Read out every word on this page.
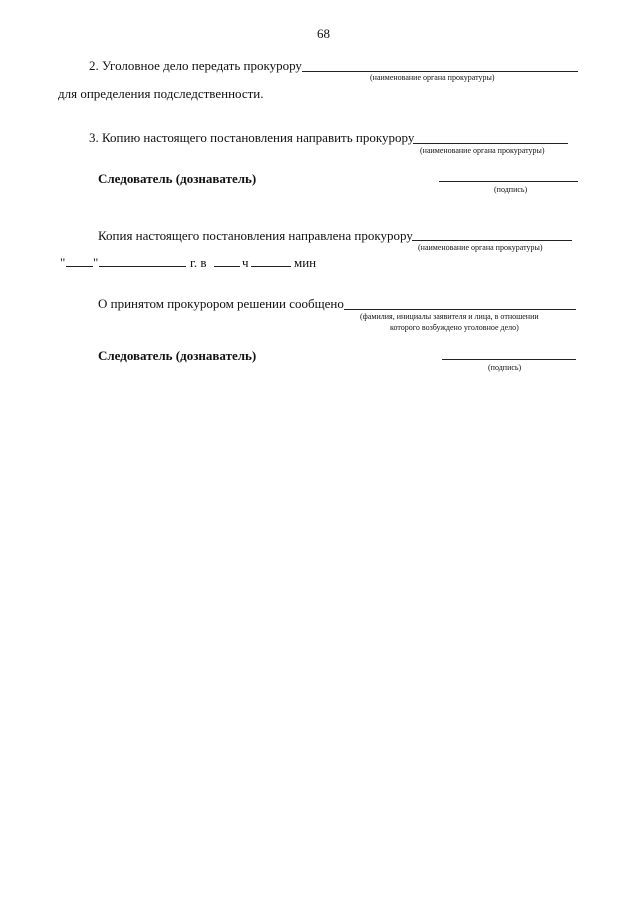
68
2. Уголовное дело передать прокурору
(наименование органа прокуратуры)
для определения подследственности.
3. Копию настоящего постановления направить прокурору
(наименование органа прокуратуры)
Следователь (дознаватель)
(подпись)
Копия настоящего постановления направлена прокурору
(наименование органа прокуратуры)
" "	г. в	ч	мин
О принятом прокурором решении сообщено
(фамилия, инициалы заявителя и лица, в отношении
которого возбуждено уголовное дело)
Следователь (дознаватель)
(подпись)
